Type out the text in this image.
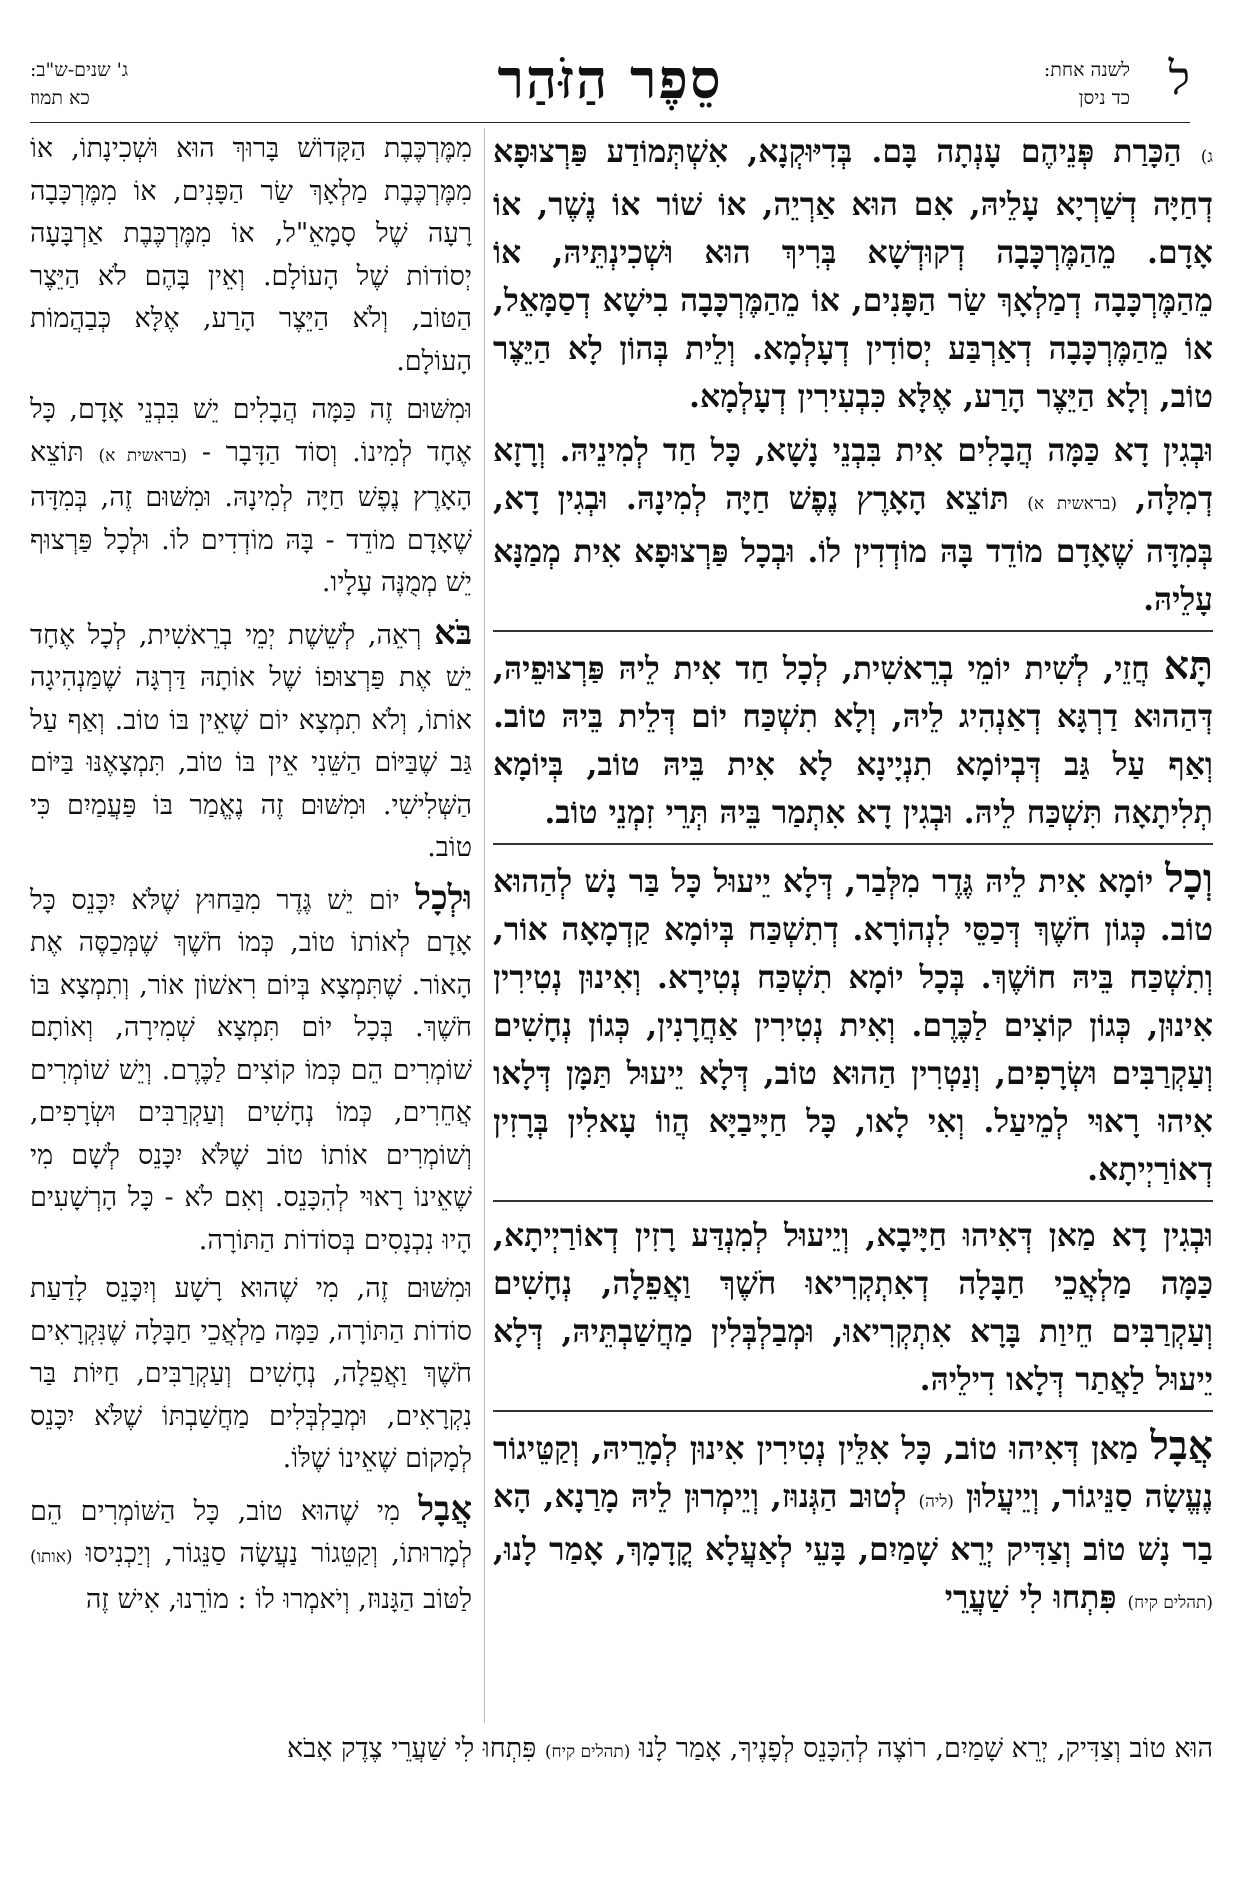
ל
לשנה אחת:
כד ניסן
סֵפֶר הַזֹּהַר
ג' שנים-ש"ב:
כא תמוז

ג) הַכָּרַת פְּנֵיהֶם עָנְתָה בָּם. בְּדִיּוּקְנָא, אִשְׁתְּמוֹדַע פַּרְצוּפָא דְחַיָּה דְשַׁרְיָא עָלֵיהּ, אִם הוּא אַרְיֵה, אוֹ שׁוֹר אוֹ נֶשֶׁר, אוֹ אָדָם. מֵהַמֶּרְכָּבָה דְקוּדְשָׁא בְּרִיךְ הוּא וּשְׁכִינְתֵּיהּ, אוֹ מֵהַמֶּרְכָּבָה דְמַלְאָךְ שַׂר הַפָּנִים, אוֹ מֵהַמֶּרְכָּבָה בִישָׁא דְסַמָּאֵל, אוֹ מֵהַמֶּרְכָּבָה דְאַרְבַּע יְסוֹדִין דְעָלְמָא. וְלֵית בְּהוֹן לָא הַיֵּצֶר טוֹב, וְלָא הַיֵּצֶר הָרַע, אֶלָּא כִּבְעִירִין דְעָלְמָא.

וּבְגִין דָא כַּמָּה הֲבָלִים אִית בִּבְנֵי נָשָׁא, כָּל חַד לְמִינֵיהּ. וְרָזָא דְמִלָּה, (בראשית א) תּוֹצֵא הָאָרֶץ נֶפֶשׁ חַיָּה לְמִינָהּ. וּבְגִין דָא, בְּמִדָּה שֶׁאָדָם מוֹדֵד בָּהּ מוֹדְדִין לוֹ. וּבְכָל פַּרְצוּפָא אִית מְמַנָּא עָלֵיהּ.

תָּא חֲזֵי, לְשִׁית יוֹמֵי בְרֵאשִׁית, לְכָל חַד אִית לֵיהּ פַּרְצוּפֵיהּ, דְּהַהוּא דַרְגָּא דְאַנְהִיג לֵיהּ, וְלָא תִשְׁכַּח יוֹם דְּלֵית בֵּיהּ טוֹב. וְאַף עַל גַּב דְּבְיוֹמָא תִנְיָינָא לָא אִית בֵּיהּ טוֹב, בְּיוֹמָא תְלִיתָאָה תִּשְׁכַּח לֵיהּ. וּבְגִין דָא אִתְמַר בֵּיהּ תְּרֵי זִמְנֵי טוֹב.

וְכָל יוֹמָא אִית לֵיהּ גֶּדֶר מִלְּבַר, דְּלָא יֵיעוּל כָּל בַּר נָשׁ לְהַהוּא טוֹב. כְּגוֹן חֹשֶׁךְ דְּכַסֵּי לִנְהוֹרָא. דְתִשְׁכַּח בְּיוֹמָא קַדְמָאָה אוֹר, וְתִשְׁכַּח בֵּיהּ חוֹשֶׁךְ. בְּכָל יוֹמָא תִשְׁכַּח נְטִירָא. וְאִינוּן נְטִירִין אִינוּן, כְּגוֹן קוֹצִים לַכֶּרֶם. וְאִית נְטִירִין אַחֲרָנִין, כְּגוֹן נְחָשִׁים וְעַקְרַבִּים וּשְׂרָפִים, וְנַטְרִין הַהוּא טוֹב, דְּלָא יֵיעוּל תַּמָּן דְּלָאו אִיהוּ רָאוּי לְמֵיעַל. וְאִי לָאו, כָּל חַיָּיבַיָּא הֲווֹ עָאלִין בְּרָזִין דְאוֹרַיְיתָא.

וּבְגִין דָא מַאן דְּאִיהוּ חַיָּיבָא, וְיֵיעוּל לְמִנְדַּע רָזִין דְאוֹרַיְיתָא, כַּמָּה מַלְאֲכֵי חַבָּלָה דְאִתְקְרִיאוּ חֹשֶׁךְ וַאֲפֵלָה, נְחָשִׁים וְעַקְרַבִּים חֵיוַת בָּרָא אִתְקְרִיאוּ, וּמְבַלְבְּלִין מַחֲשַׁבְתֵּיהּ, דְּלָא יֵיעוּל לַאֲתַר דְּלָאו דִילֵיהּ.

אֲבָל מַאן דְּאִיהוּ טוֹב, כָּל אִלֵּין נְטִירִין אִינוּן לְמָרֵיהּ, וְקַטֵּיגוֹר נֶעֱשָׂה סַנֵּיגוֹר, וְיֵיעֲלוּן (ליה) לְטוּב הַגְּנוּז, וְיֵימְרוּן לֵיהּ מָרַנָא, הָא בַר נָשׁ טוֹב וְצַדִּיק יְרֵא שָׁמַיִם, בָּעֵי לְאַעֲלָא קֳדָמָךְ, אָמַר לָנוּ, (תהלים קיח) פִּתְחוּ לִי שַׁעֲרֵי

מִמֶּרְכֶּבֶת הַקָּדוֹשׁ בָּרוּךְ הוּא וּשְׁכִינָתוֹ, אוֹ מִמֶּרְכֶּבֶת מַלְאָךְ שַׂר הַפָּנִים, אוֹ מִמֶּרְכָּבָה רָעָה שֶׁל סָמָאֵ"ל, אוֹ מִמֶּרְכֶּבֶת אַרְבָּעָה יְסוֹדוֹת שֶׁל הָעוֹלָם. וְאֵין בָּהֶם לֹא הַיֵּצֶר הַטּוֹב, וְלֹא הַיֵּצֶר הָרַע, אֶלָּא כְּבַהֲמוֹת הָעוֹלָם.

וּמִשּׁוּם זֶה כַּמָּה הֲבָלִים יֵשׁ בִּבְנֵי אָדָם, כָּל אֶחָד לְמִינוֹ. וְסוֹד הַדָּבָר - (בראשית א) תּוֹצֵא הָאָרֶץ נֶפֶשׁ חַיָּה לְמִינָהּ. וּמִשּׁוּם זֶה, בְּמִדָּה שֶׁאָדָם מוֹדֵד - בָּהּ מוֹדְדִים לוֹ. וּלְכָל פַּרְצוּף יֵשׁ מְמֻנֶּה עָלָיו.

בֹּא רְאֵה, לְשֵׁשֶׁת יְמֵי בְרֵאשִׁית, לְכָל אֶחָד יֵשׁ אֶת פַּרְצוּפוֹ שֶׁל אוֹתָהּ דַּרְגָּה שֶׁמַּנְהִיגָה אוֹתוֹ, וְלֹא תִמְצָא יוֹם שֶׁאֵין בּוֹ טוֹב. וְאַף עַל גַּב שֶׁבַּיּוֹם הַשֵּׁנִי אֵין בּוֹ טוֹב, תִּמְצָאֶנּוּ בַּיּוֹם הַשְּׁלִישִׁי. וּמִשּׁוּם זֶה נֶאֱמַר בּוֹ פַּעֲמַיִם כִּי טוֹב.

וּלְכָל יוֹם יֵשׁ גֶּדֶר מִבַּחוּץ שֶׁלֹּא יִכָּנֵס כָּל אָדָם לְאוֹתוֹ טוֹב, כְּמוֹ חֹשֶׁךְ שֶׁמְּכַסֶּה אֶת הָאוֹר. שֶׁתִּמְצָא בְּיוֹם רִאשׁוֹן אוֹר, וְתִמְצָא בּוֹ חֹשֶׁךְ. בְּכָל יוֹם תִּמְצָא שְׁמִירָה, וְאוֹתָם שׁוֹמְרִים הֵם כְּמוֹ קוֹצִים לַכֶּרֶם. וְיֵשׁ שׁוֹמְרִים אֲחֵרִים, כְּמוֹ נְחָשִׁים וְעַקְרַבִּים וּשְׂרָפִים, וְשׁוֹמְרִים אוֹתוֹ טוֹב שֶׁלֹּא יִכָּנֵס לְשָׁם מִי שֶׁאֵינוֹ רָאוּי לְהִכָּנֵס. וְאִם לֹא - כָּל הָרְשָׁעִים הָיוּ נִכְנָסִים בְּסוֹדוֹת הַתּוֹרָה.

וּמִשּׁוּם זֶה, מִי שֶׁהוּא רָשָׁע וְיִכָּנֵס לָדַעַת סוֹדוֹת הַתּוֹרָה, כַּמָּה מַלְאֲכֵי חַבָּלָה שֶׁנִּקְרָאִים חֹשֶׁךְ וַאֲפֵלָה, נְחָשִׁים וְעַקְרַבִּים, חַיּוֹת בַּר נִקְרָאִים, וּמְבַלְבְּלִים מַחֲשַׁבְתּוֹ שֶׁלֹּא יִכָּנֵס לְמָקוֹם שֶׁאֵינוֹ שֶׁלּוֹ.

אֲבָל מִי שֶׁהוּא טוֹב, כָּל הַשּׁוֹמְרִים הֵם לְמָרוּתוֹ, וְקַטֵּגוֹר נַעֲשָׂה סַנֵּגוֹר, וְיַכְנִיסוּ (אותו) לַטּוֹב הַגָּנוּז, וְיֹאמְרוּ לוֹ : מוֹרֵנוּ, אִישׁ זֶה

הוּא טוֹב וְצַדִּיק, יְרֵא שָׁמַיִם, רוֹצֶה לְהִכָּנֵס לְפָנֶיךָ, אָמַר לָנוּ (תהלים קיח) פִּתְחוּ לִי שַׁעֲרֵי צֶדֶק אָבֹא
